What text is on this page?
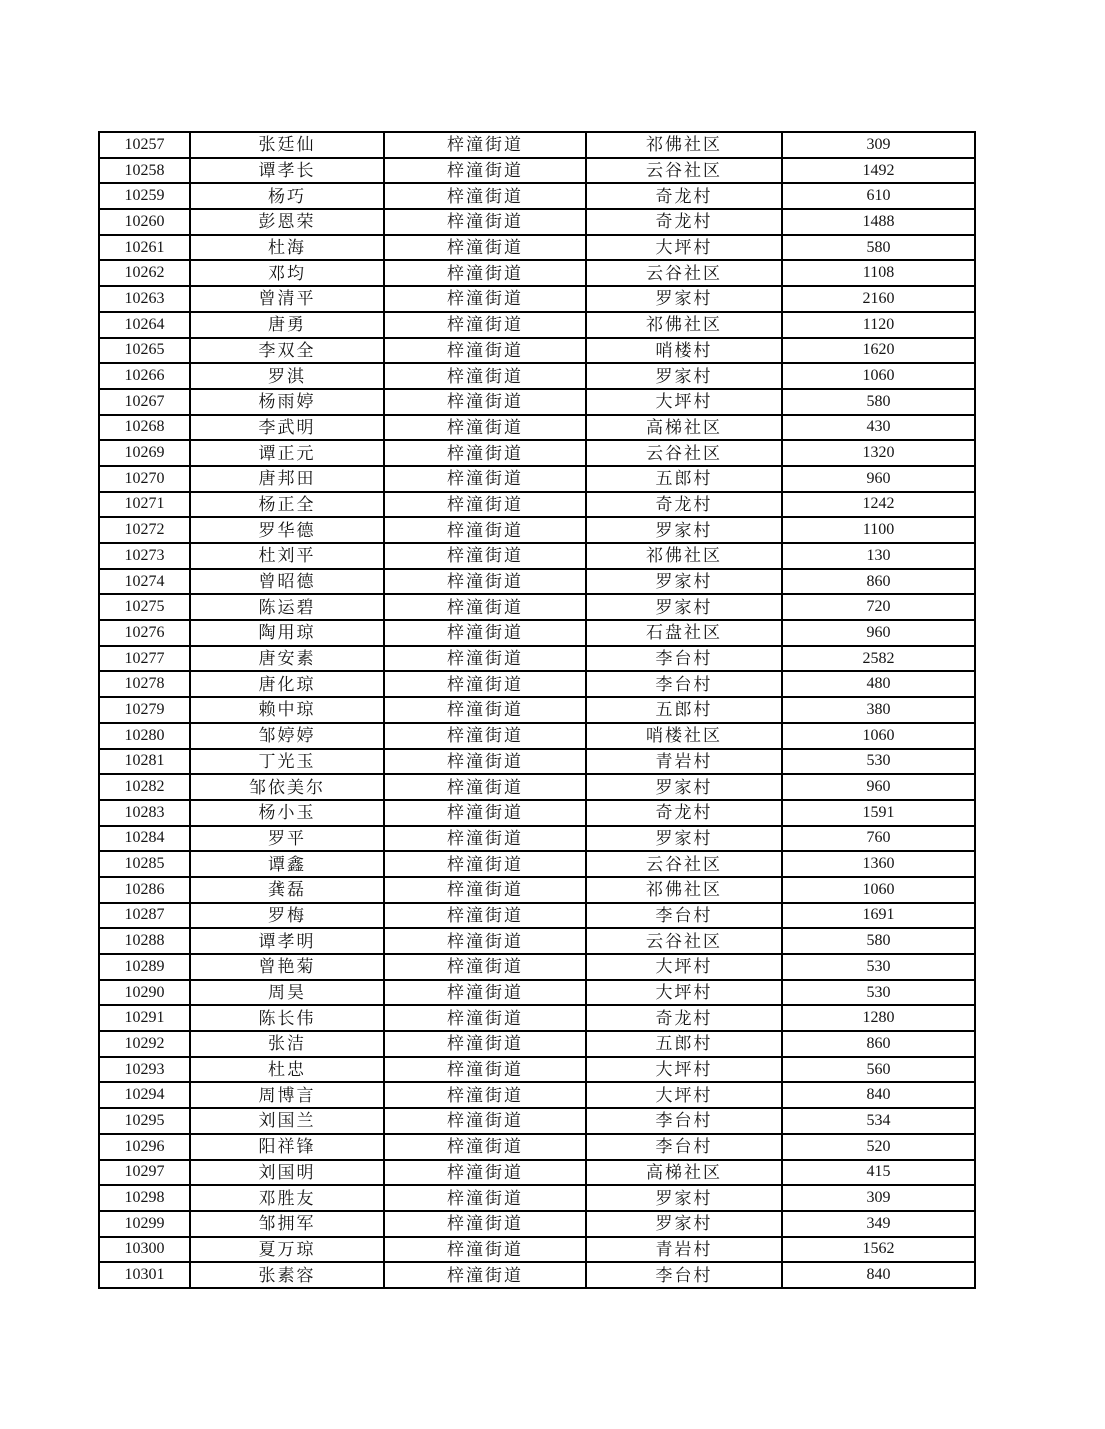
10257	张廷仙	梓潼街道	祁佛社区	309
10258	谭孝长	梓潼街道	云谷社区	1492
10259	杨巧	梓潼街道	奇龙村	610
10260	彭恩荣	梓潼街道	奇龙村	1488
10261	杜海	梓潼街道	大坪村	580
10262	邓均	梓潼街道	云谷社区	1108
10263	曾清平	梓潼街道	罗家村	2160
10264	唐勇	梓潼街道	祁佛社区	1120
10265	李双全	梓潼街道	哨楼村	1620
10266	罗淇	梓潼街道	罗家村	1060
10267	杨雨婷	梓潼街道	大坪村	580
10268	李武明	梓潼街道	高梯社区	430
10269	谭正元	梓潼街道	云谷社区	1320
10270	唐邦田	梓潼街道	五郎村	960
10271	杨正全	梓潼街道	奇龙村	1242
10272	罗华德	梓潼街道	罗家村	1100
10273	杜刘平	梓潼街道	祁佛社区	130
10274	曾昭德	梓潼街道	罗家村	860
10275	陈运碧	梓潼街道	罗家村	720
10276	陶用琼	梓潼街道	石盘社区	960
10277	唐安素	梓潼街道	李台村	2582
10278	唐化琼	梓潼街道	李台村	480
10279	赖中琼	梓潼街道	五郎村	380
10280	邹婷婷	梓潼街道	哨楼社区	1060
10281	丁光玉	梓潼街道	青岩村	530
10282	邹依美尔	梓潼街道	罗家村	960
10283	杨小玉	梓潼街道	奇龙村	1591
10284	罗平	梓潼街道	罗家村	760
10285	谭鑫	梓潼街道	云谷社区	1360
10286	龚磊	梓潼街道	祁佛社区	1060
10287	罗梅	梓潼街道	李台村	1691
10288	谭孝明	梓潼街道	云谷社区	580
10289	曾艳菊	梓潼街道	大坪村	530
10290	周昊	梓潼街道	大坪村	530
10291	陈长伟	梓潼街道	奇龙村	1280
10292	张洁	梓潼街道	五郎村	860
10293	杜忠	梓潼街道	大坪村	560
10294	周博言	梓潼街道	大坪村	840
10295	刘国兰	梓潼街道	李台村	534
10296	阳祥锋	梓潼街道	李台村	520
10297	刘国明	梓潼街道	高梯社区	415
10298	邓胜友	梓潼街道	罗家村	309
10299	邹拥军	梓潼街道	罗家村	349
10300	夏万琼	梓潼街道	青岩村	1562
10301	张素容	梓潼街道	李台村	840
